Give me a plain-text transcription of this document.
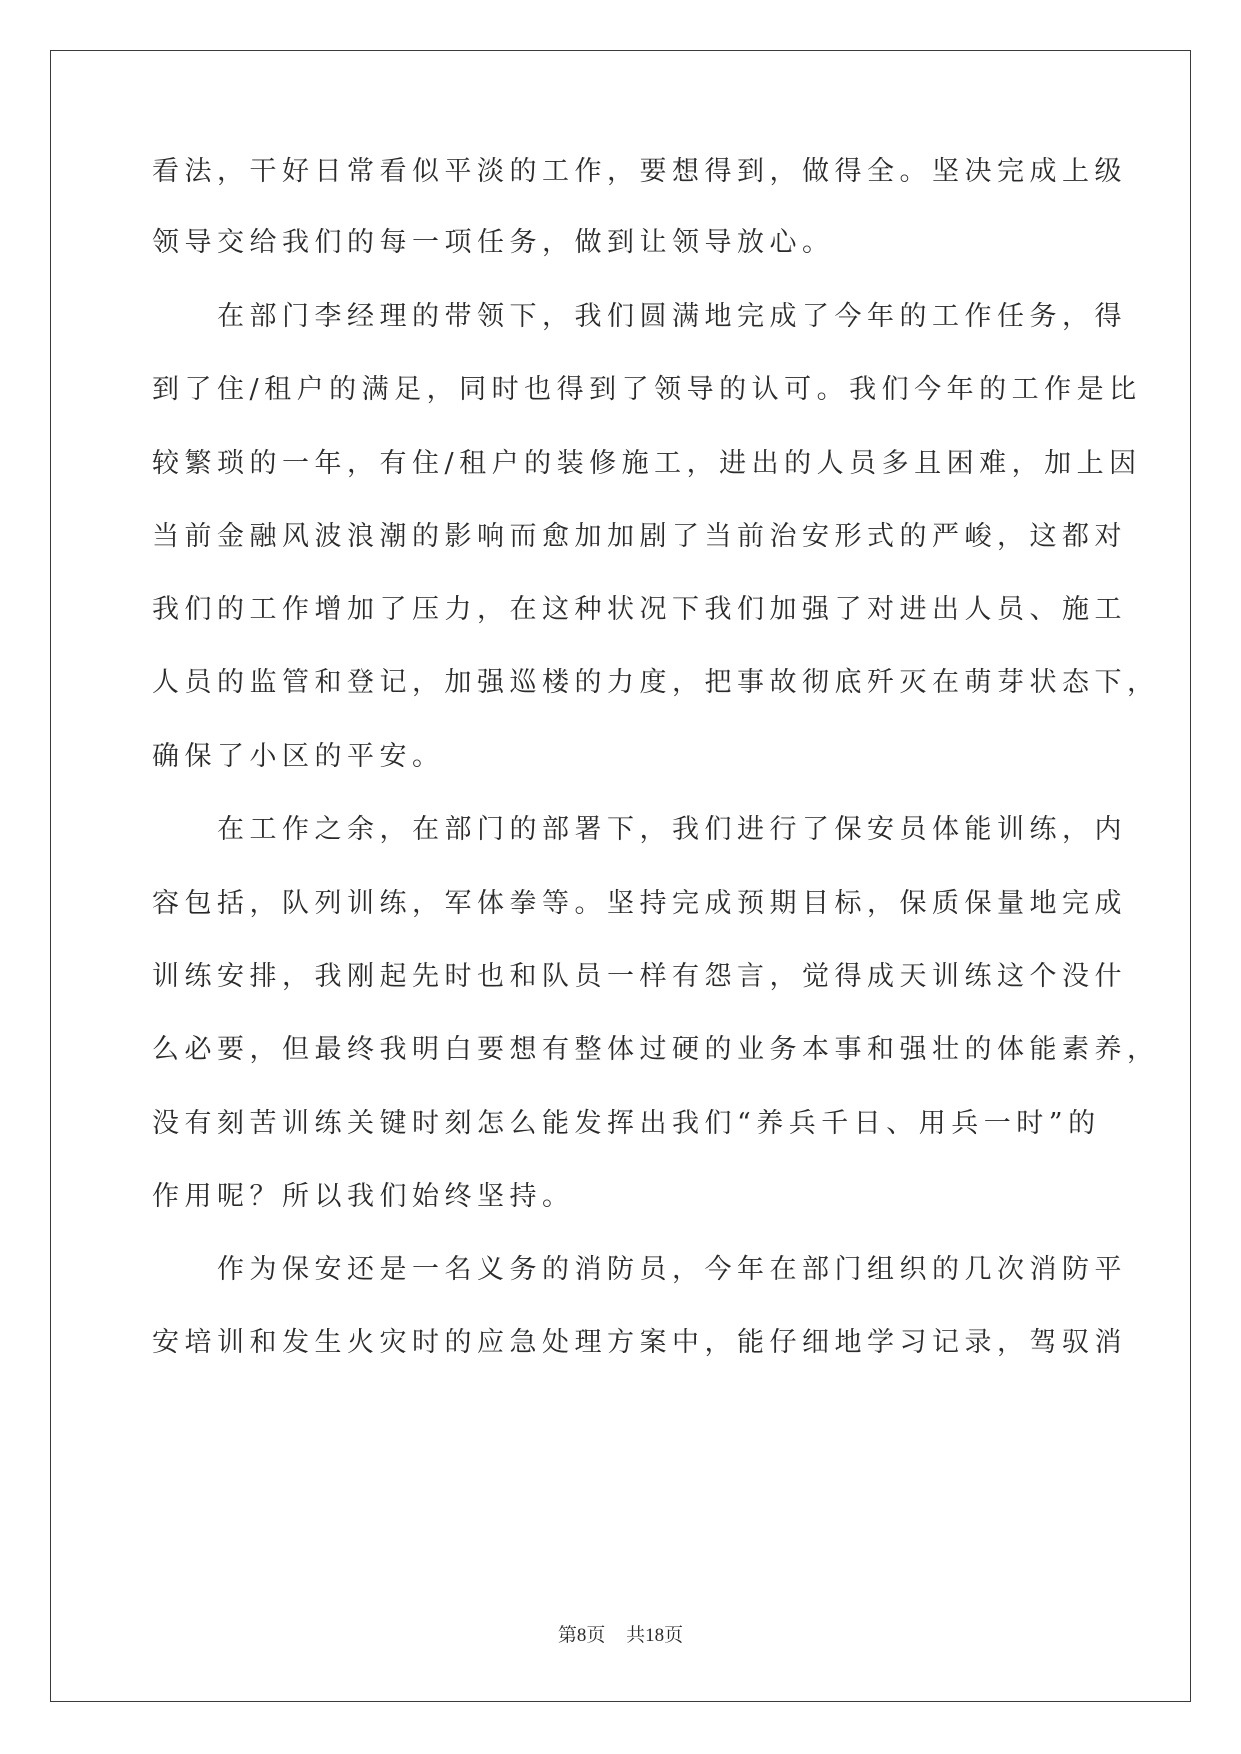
看法，干好日常看似平淡的工作，要想得到，做得全。坚决完成上级
领导交给我们的每一项任务，做到让领导放心。
　　在部门李经理的带领下，我们圆满地完成了今年的工作任务，得
到了住/租户的满足，同时也得到了领导的认可。我们今年的工作是比
较繁琐的一年，有住/租户的装修施工，进出的人员多且困难，加上因
当前金融风波浪潮的影响而愈加加剧了当前治安形式的严峻，这都对
我们的工作增加了压力，在这种状况下我们加强了对进出人员、施工
人员的监管和登记，加强巡楼的力度，把事故彻底歼灭在萌芽状态下，
确保了小区的平安。
　　在工作之余，在部门的部署下，我们进行了保安员体能训练，内
容包括，队列训练，军体拳等。坚持完成预期目标，保质保量地完成
训练安排，我刚起先时也和队员一样有怨言，觉得成天训练这个没什
么必要，但最终我明白要想有整体过硬的业务本事和强壮的体能素养，
没有刻苦训练关键时刻怎么能发挥出我们“养兵千日、用兵一时”的
作用呢？所以我们始终坚持。
　　作为保安还是一名义务的消防员，今年在部门组织的几次消防平
安培训和发生火灾时的应急处理方案中，能仔细地学习记录，驾驭消
第8页 共18页
